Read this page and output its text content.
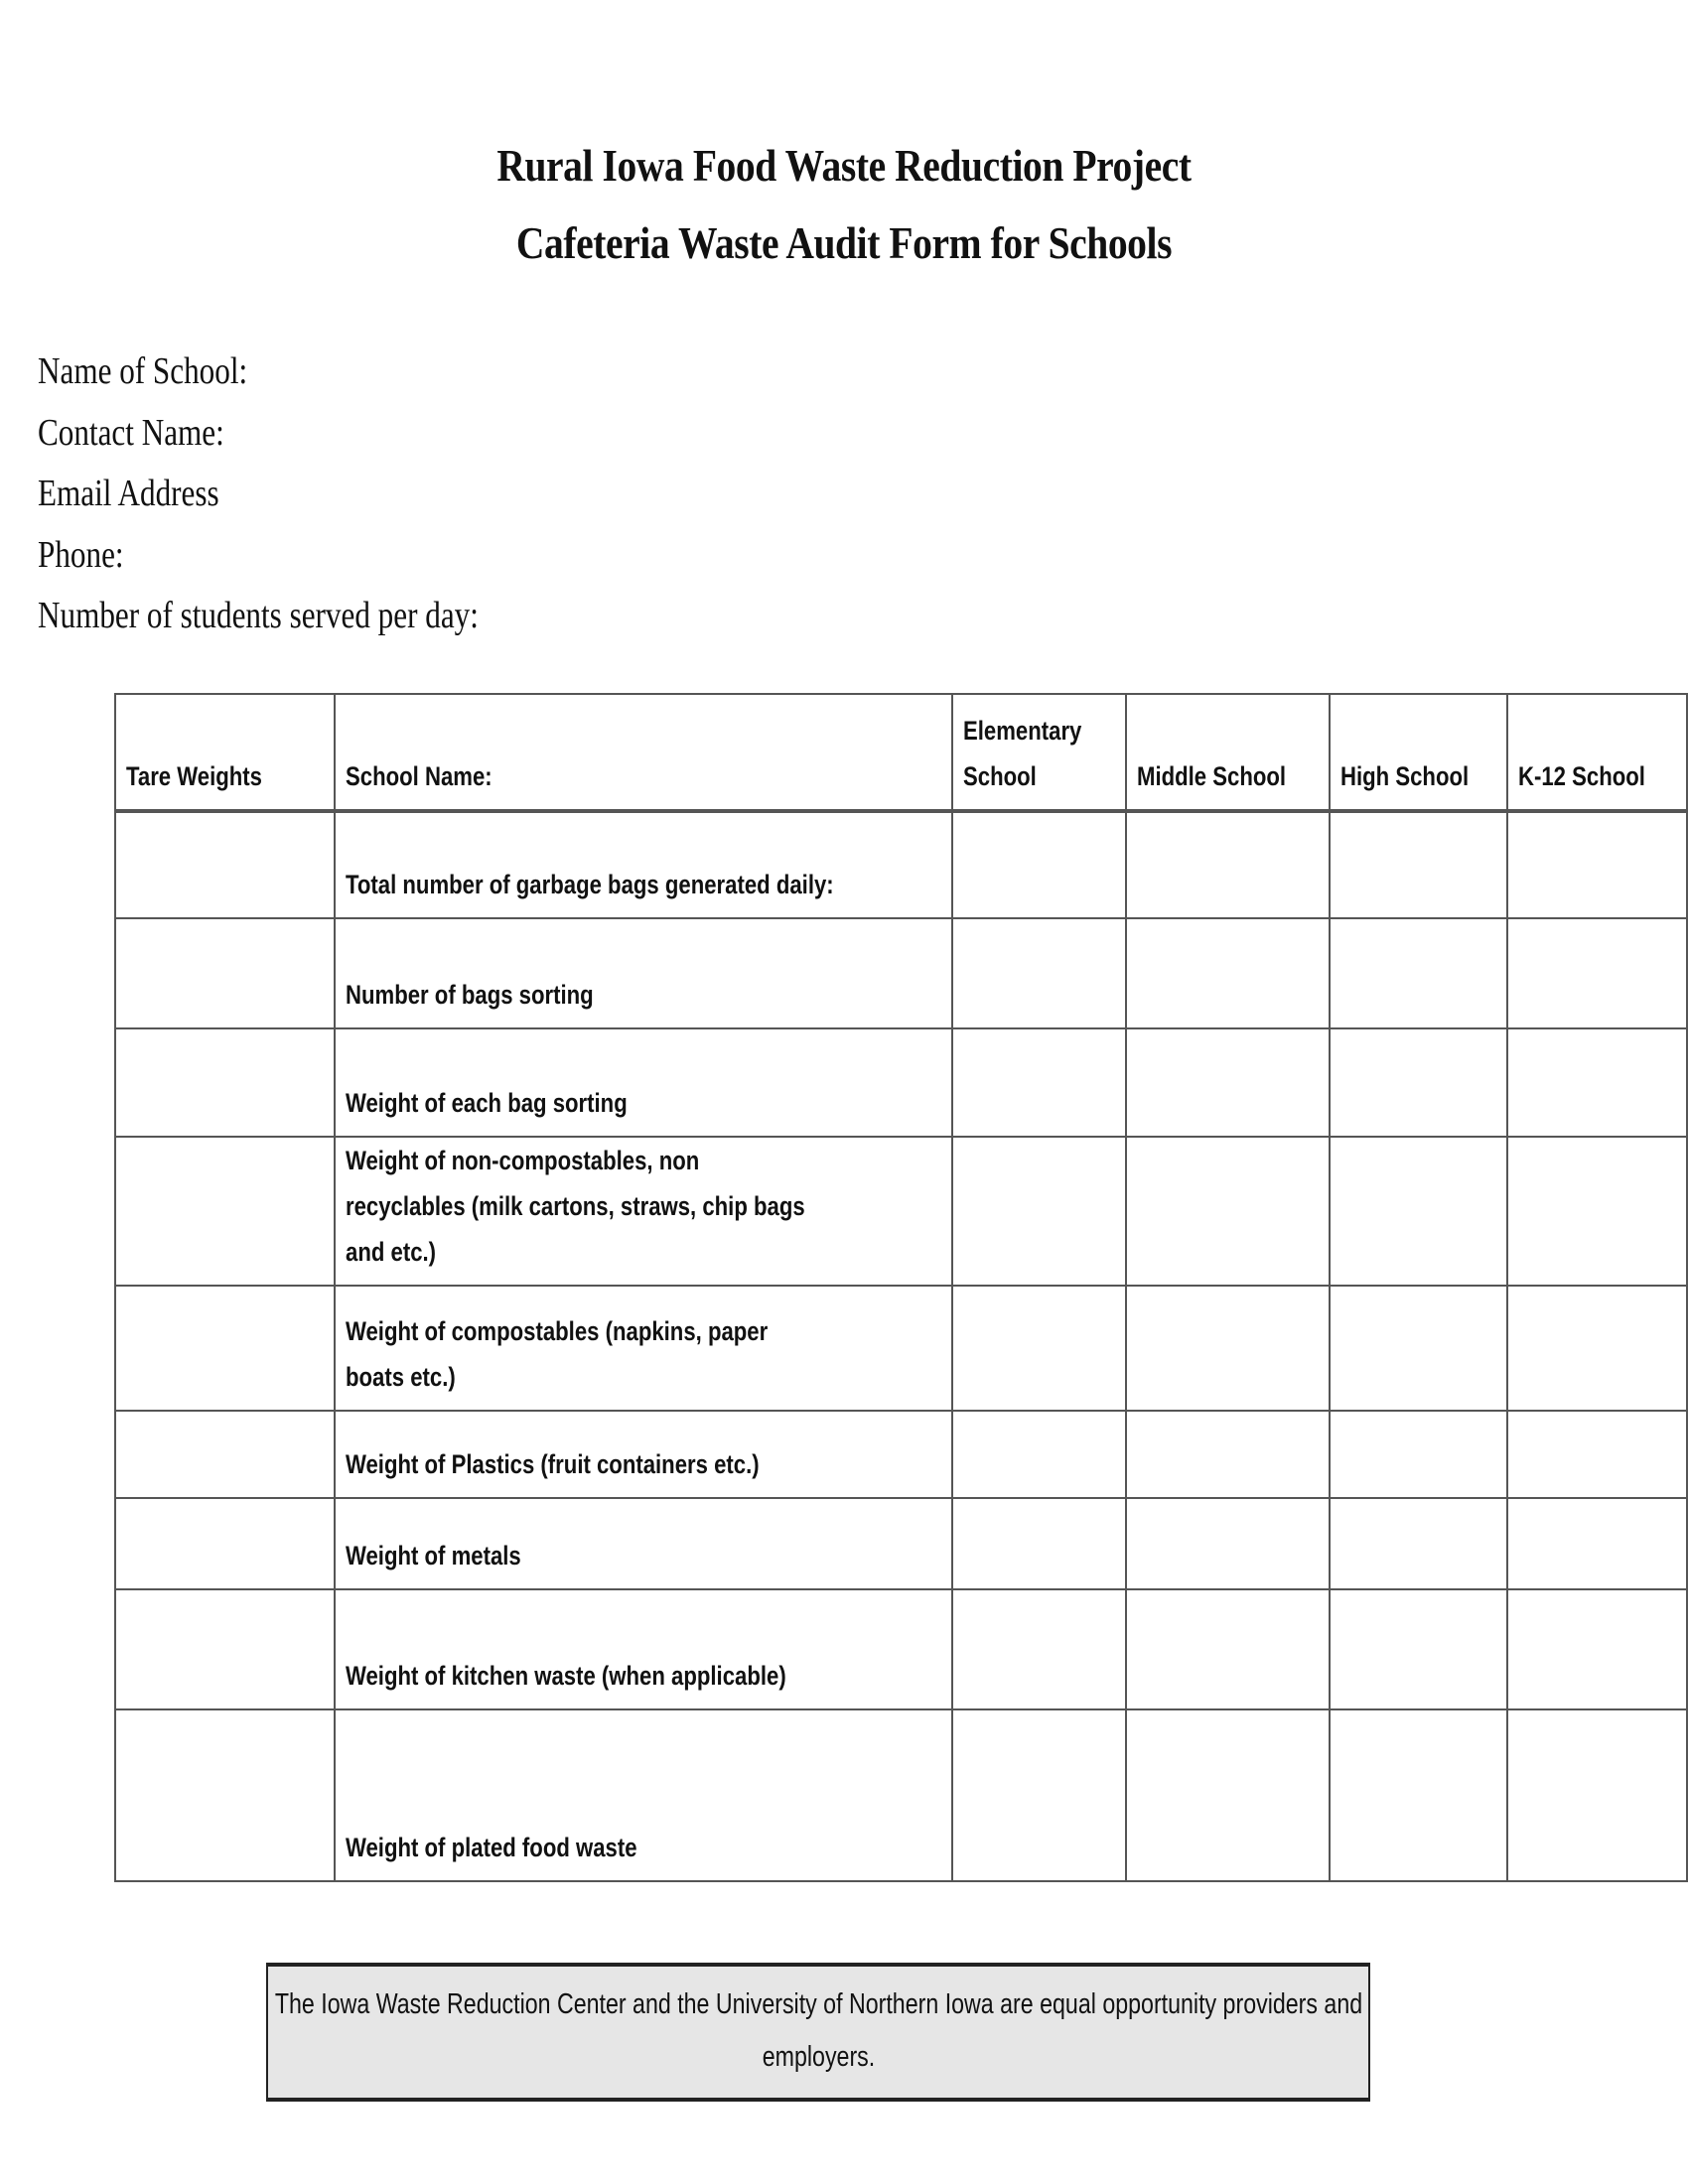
Rural Iowa Food Waste Reduction Project
Cafeteria Waste Audit Form for Schools
Name of School:
Contact Name:
Email Address
Phone:
Number of students served per day:
Tare Weights	School Name:	Elementary School	Middle School	High School	K-12 School
	Total number of garbage bags generated daily:				
	Number of bags sorting				
	Weight of each bag sorting				

	Weight of non-compostables, non recyclables (milk cartons, straws, chip bags and etc.)				

	Weight of compostables (napkins, paper boats etc.)				

	Weight of Plastics (fruit containers etc.)				
	Weight of metals				
	Weight of kitchen waste (when applicable)				
	Weight of plated food waste				
The Iowa Waste Reduction Center and the University of Northern Iowa are equal opportunity providers and employers.
